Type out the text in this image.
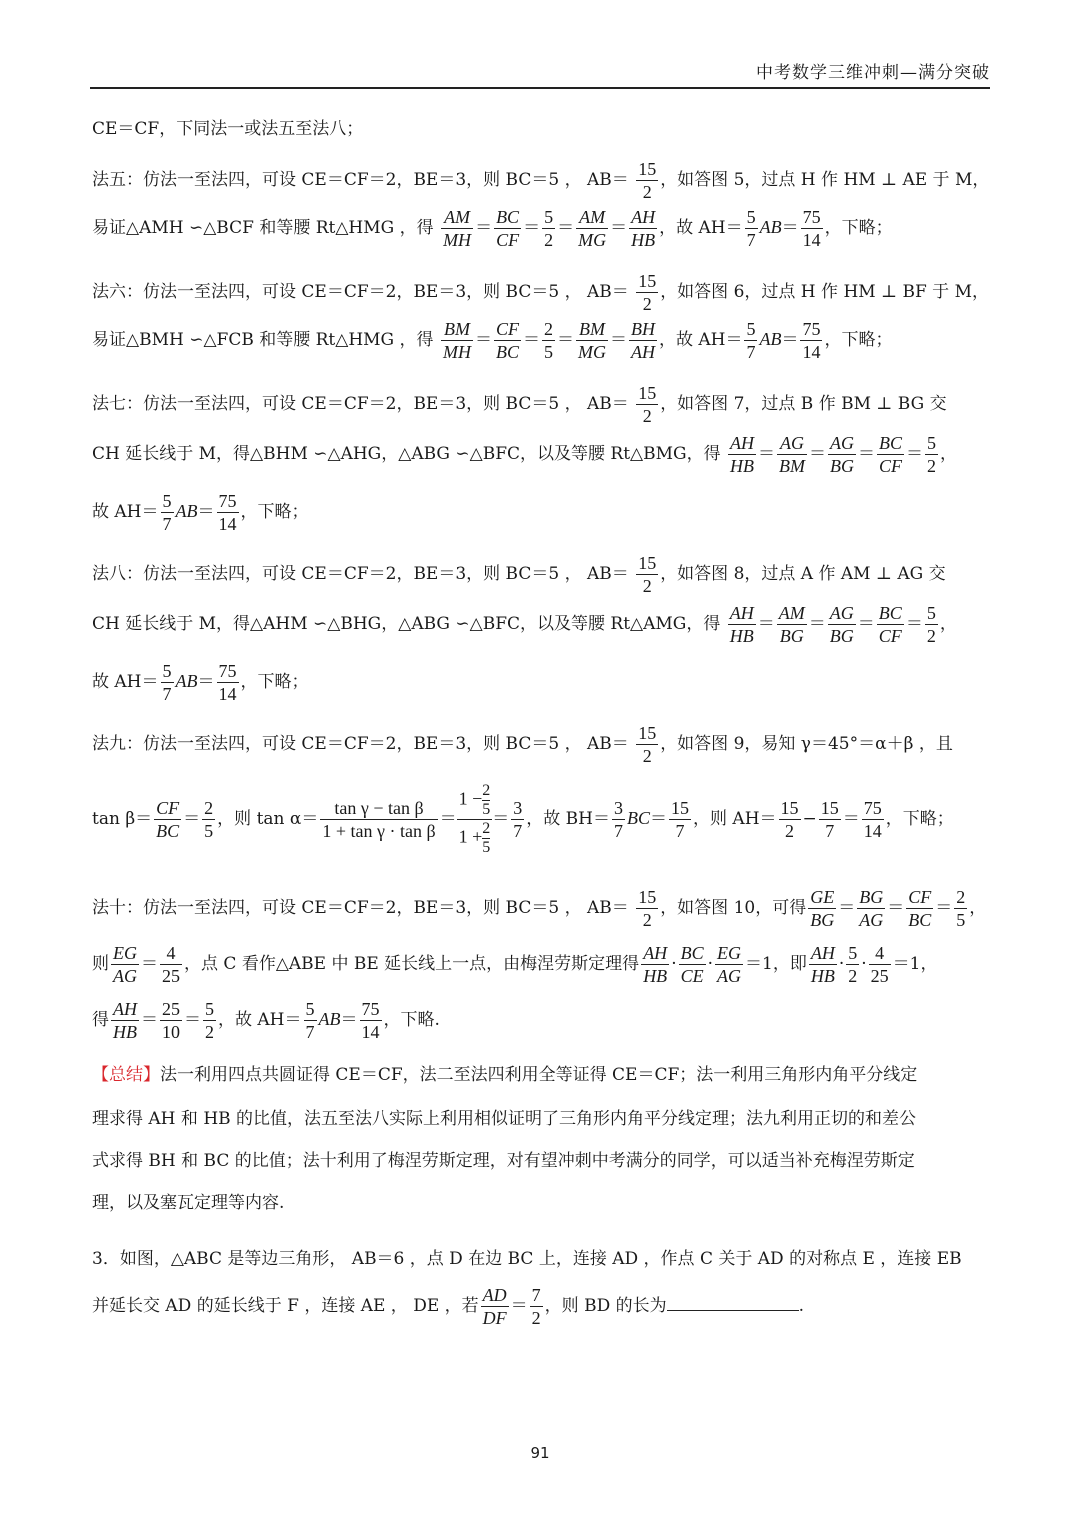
中考数学三维冲刺—满分突破
CE＝CF，下同法一或法五至法八；
法五：仿法一至法四，可设 CE＝CF＝2，BE＝3，则 BC＝5 ， $AB= \frac{15}{2}$ ，如答图 5，过点 H 作 HM ⊥ AE 于 M，
易证△AMH ∽△BCF 和等腰 Rt△HMG ，得 $\frac{AM}{MH} = \frac{BC}{CF} = \frac{5}{2} = \frac{AM}{MG} = \frac{AH}{HB}$ ，故 $AH= \frac{5}{7} AB= \frac{75}{14}$ ，下略；
法六：仿法一至法四，可设 CE＝CF＝2，BE＝3，则 BC＝5 ， $AB= \frac{15}{2}$ ，如答图 6，过点 H 作 HM ⊥ BF 于 M，
易证△BMH ∽△FCB 和等腰 Rt△HMG ，得 $\frac{BM}{MH} = \frac{CF}{BC} = \frac{2}{5} = \frac{BM}{MG} = \frac{BH}{AH}$ ，故 $AH= \frac{5}{7} AB= \frac{75}{14}$ ，下略；
法七：仿法一至法四，可设 CE＝CF＝2，BE＝3，则 BC＝5 ， $AB= \frac{15}{2}$ ，如答图 7，过点 B 作 BM ⊥ BG 交
CH 延长线于 M，得△BHM ∽△AHG，△ABG ∽△BFC，以及等腰 Rt△BMG，得 $\frac{AH}{HB} = \frac{AG}{BM} = \frac{AG}{BG} = \frac{BC}{CF} = \frac{5}{2}$ ，
故 $AH= \frac{5}{7} AB= \frac{75}{14}$ ，下略；
法八：仿法一至法四，可设 CE＝CF＝2，BE＝3，则 BC＝5 ， $AB= \frac{15}{2}$ ，如答图 8，过点 A 作 AM ⊥ AG 交
CH 延长线于 M，得△AHM ∽△BHG，△ABG ∽△BFC，以及等腰 Rt△AMG，得 $\frac{AH}{HB} = \frac{AM}{BG} = \frac{AG}{BG} = \frac{BC}{CF} = \frac{5}{2}$ ，
故 $AH= \frac{5}{7} AB= \frac{75}{14}$ ，下略；
法九：仿法一至法四，可设 CE＝CF＝2，BE＝3，则 BC＝5 ， $AB= \frac{15}{2}$ ，如答图 9，易知 γ＝45°＝α＋β ，且
$\tan \beta= \frac{CF}{BC} = \frac{2}{5}$ ，则 $\tan \alpha= \frac{\text{tan γ − tan β}}{\text{1 + tan γ · tan β}} = \frac{1 - \frac{2}{5}}{1 + \frac{2}{5}} = \frac{3}{7}$ ，故 $BH= \frac{3}{7} BC= \frac{15}{7}$ ，则 $AH= \frac{15}{2} - \frac{15}{7} = \frac{75}{14}$ ，下略；
法十：仿法一至法四，可设 CE＝CF＝2，BE＝3，则 BC＝5 ， $AB= \frac{15}{2}$ ，如答图 10，可得 $\frac{GE}{BG} = \frac{BG}{AG} = \frac{CF}{BC} = \frac{2}{5}$ ，
则 $\frac{EG}{AG} = \frac{4}{25}$ ，点 C 看作△ABE 中 BE 延长线上一点，由梅涅劳斯定理得 $\frac{AH}{HB} \cdot \frac{BC}{CE} \cdot \frac{EG}{AG} =1$，即 $\frac{AH}{HB} \cdot \frac{5}{2} \cdot \frac{4}{25} =1$，
得 $\frac{AH}{HB} = \frac{25}{10} = \frac{5}{2}$ ，故 $AH= \frac{5}{7} AB= \frac{75}{14}$ ，下略.
【总结】法一利用四点共圆证得 CE＝CF，法二至法四利用全等证得 CE＝CF；法一利用三角形内角平分线定
理求得 AH 和 HB 的比值，法五至法八实际上利用相似证明了三角形内角平分线定理；法九利用正切的和差公
式求得 BH 和 BC 的比值；法十利用了梅涅劳斯定理，对有望冲刺中考满分的同学，可以适当补充梅涅劳斯定
理，以及塞瓦定理等内容.
3．如图，△ABC 是等边三角形， AB＝6 ，点 D 在边 BC 上，连接 AD ，作点 C 关于 AD 的对称点 E ，连接 EB
并延长交 AD 的延长线于 F ，连接 AE ， DE ，若 $\frac{AD}{DF} = \frac{7}{2}$ ，则 BD 的长为	.
91
